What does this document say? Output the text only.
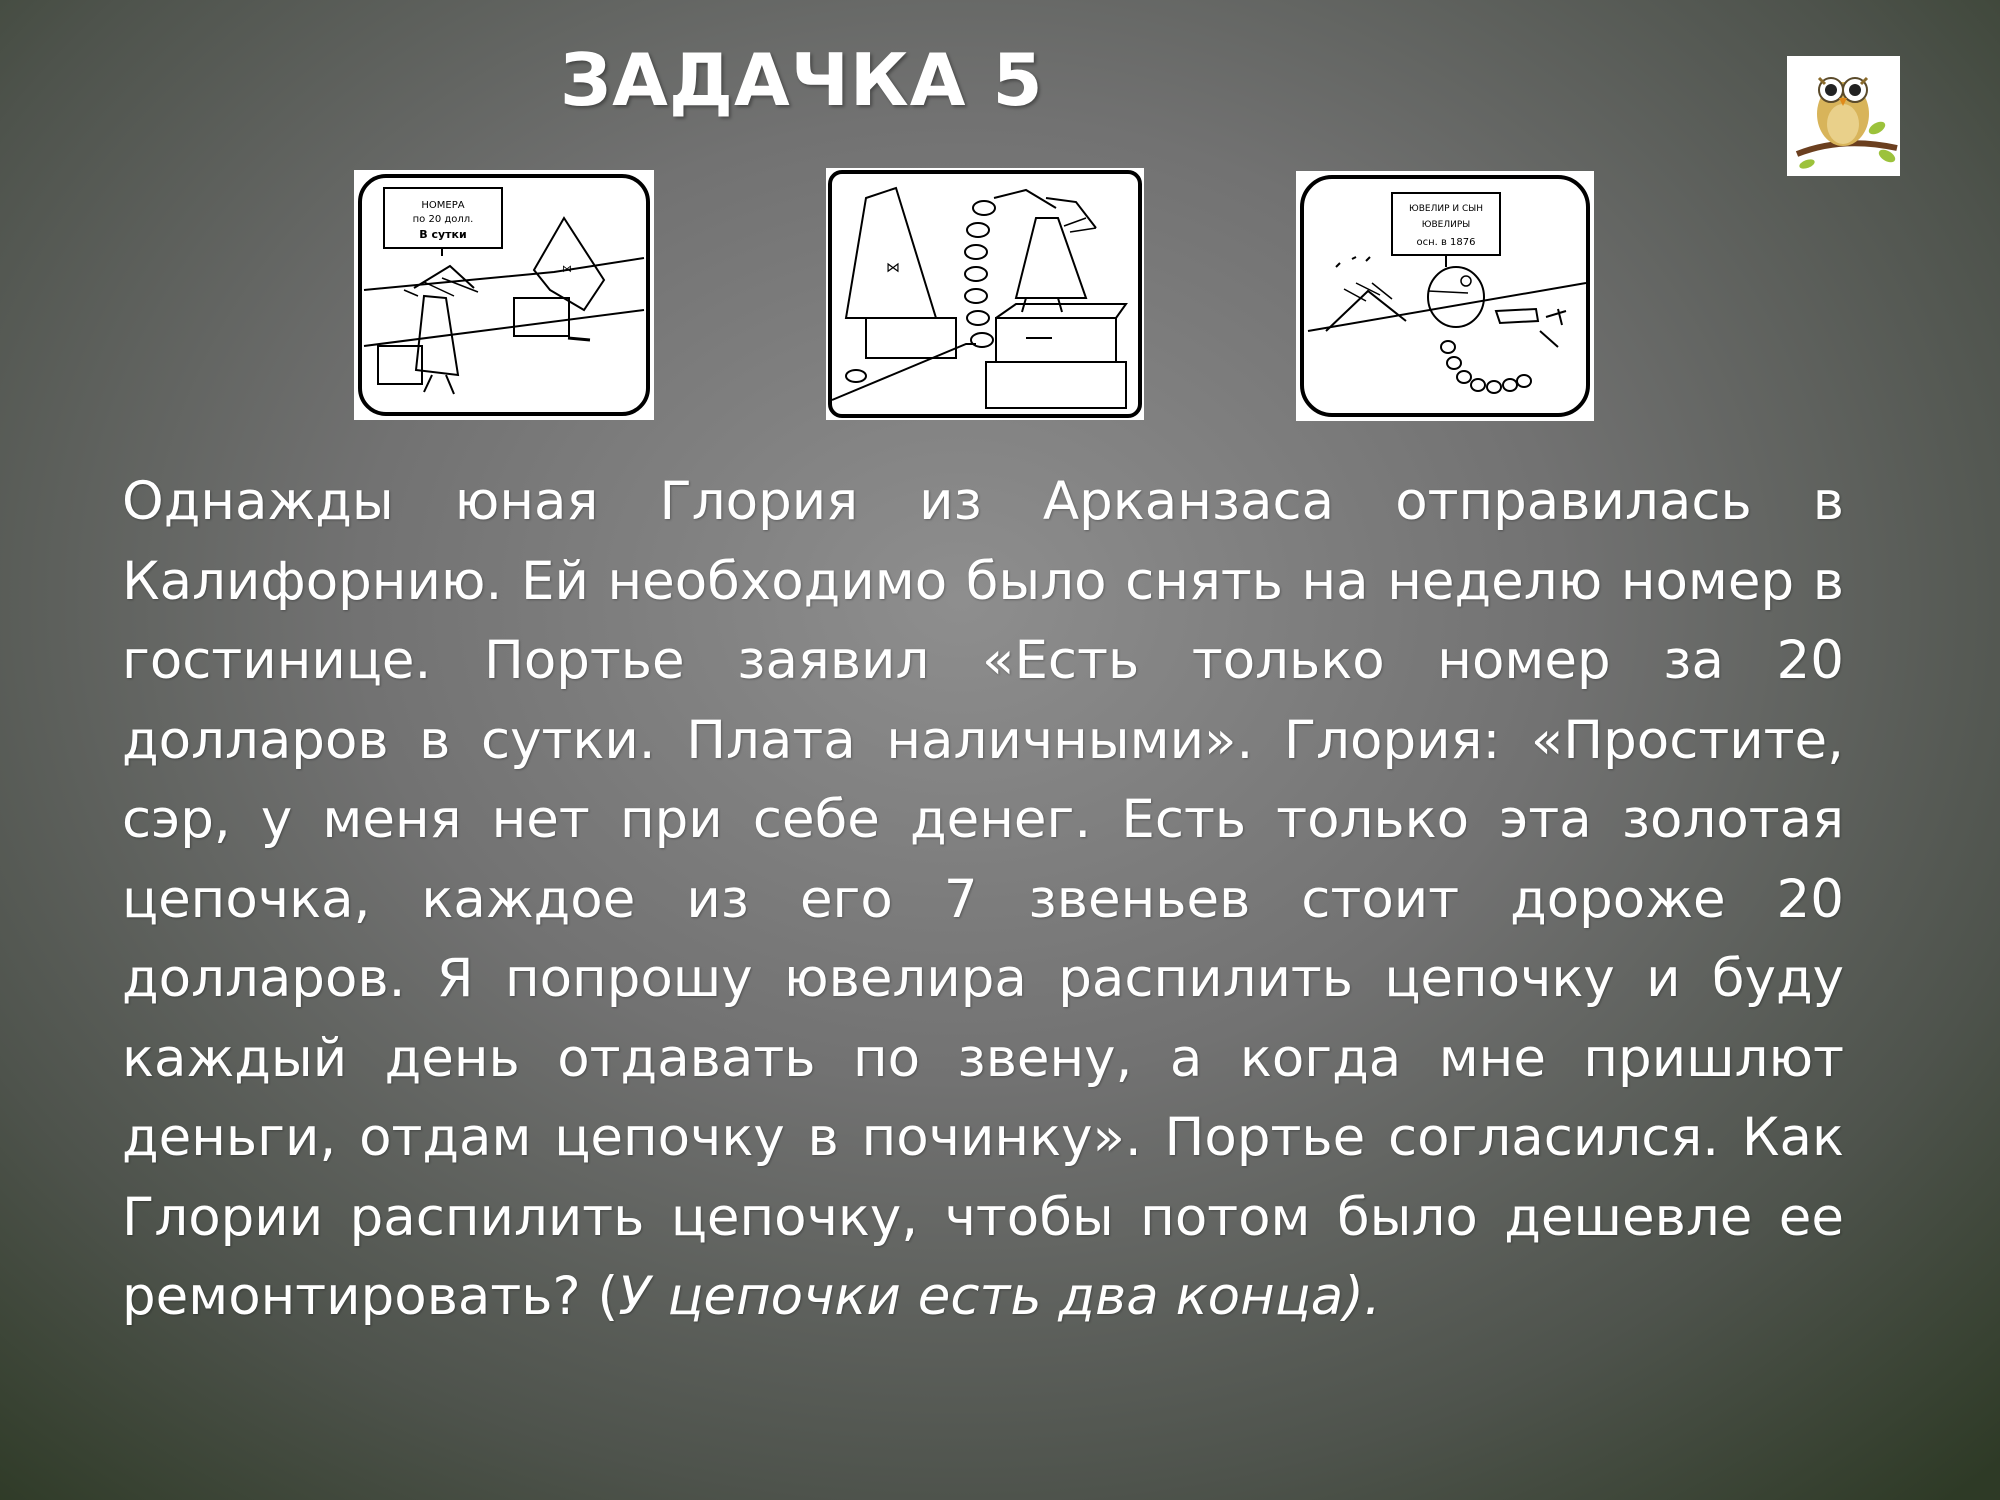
ЗАДАЧКА 5
НОМЕРА
по 20 долл.
В сутки
⋈	⋈
ЮВЕЛИР И СЫН
ЮВЕЛИРЫ
осн. в 1876
Однажды юная Глория из Арканзаса отправилась в Калифорнию. Ей необходимо было снять на неделю номер в гостинице. Портье заявил «Есть только номер за 20 долларов в сутки. Плата наличными». Глория: «Простите, сэр, у меня нет при себе денег. Есть только эта золотая цепочка, каждое из его 7 звеньев стоит дороже 20 долларов. Я попрошу ювелира распилить цепочку и буду каждый день отдавать по звену, а когда мне пришлют деньги, отдам цепочку в починку». Портье согласился. Как Глории распилить цепочку, чтобы потом было дешевле ее ремонтировать? (У цепочки есть два конца).
